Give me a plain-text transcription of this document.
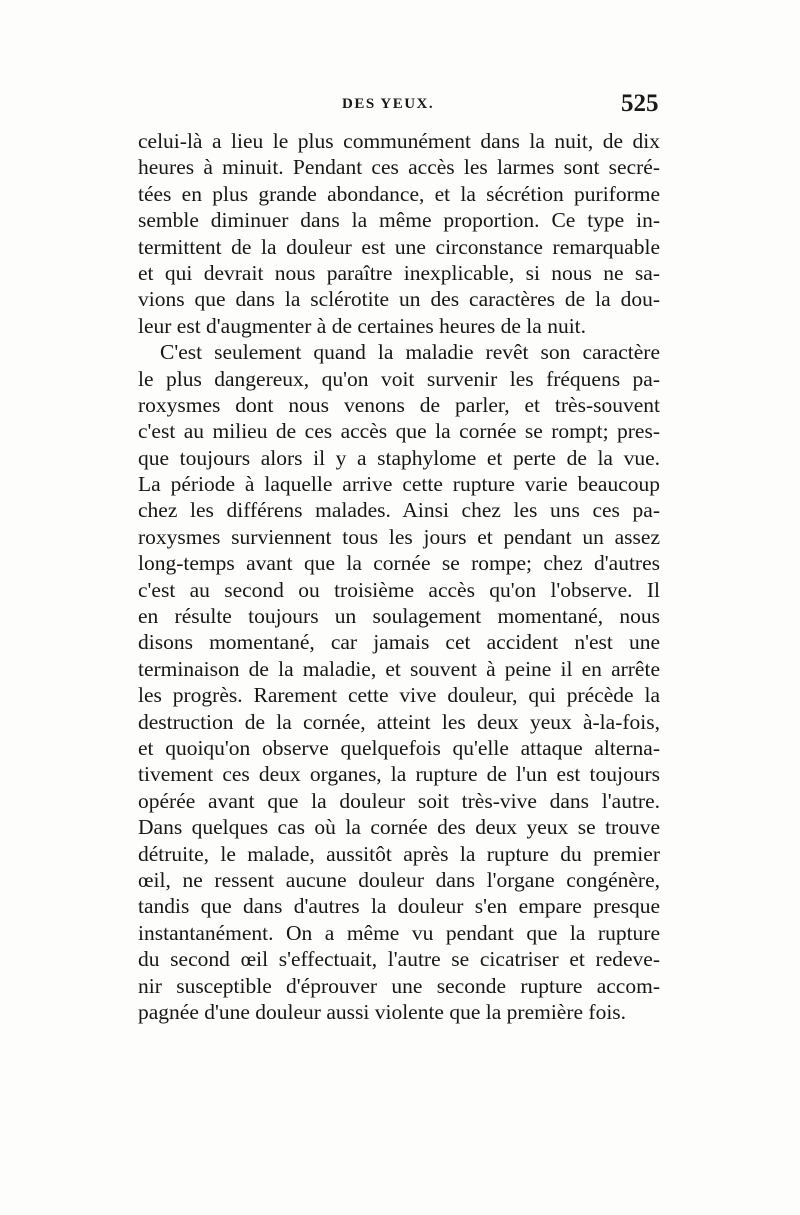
DES YEUX.	525
celui-là a lieu le plus communément dans la nuit, de dix
heures à minuit. Pendant ces accès les larmes sont secré-
tées en plus grande abondance, et la sécrétion puriforme
semble diminuer dans la même proportion. Ce type in-
termittent de la douleur est une circonstance remarquable
et qui devrait nous paraître inexplicable, si nous ne sa-
vions que dans la sclérotite un des caractères de la dou-
leur est d'augmenter à de certaines heures de la nuit.
C'est seulement quand la maladie revêt son caractère
le plus dangereux, qu'on voit survenir les fréquens pa-
roxysmes dont nous venons de parler, et très-souvent
c'est au milieu de ces accès que la cornée se rompt; pres-
que toujours alors il y a staphylome et perte de la vue.
La période à laquelle arrive cette rupture varie beaucoup
chez les différens malades. Ainsi chez les uns ces pa-
roxysmes surviennent tous les jours et pendant un assez
long-temps avant que la cornée se rompe; chez d'autres
c'est au second ou troisième accès qu'on l'observe. Il
en résulte toujours un soulagement momentané, nous
disons momentané, car jamais cet accident n'est une
terminaison de la maladie, et souvent à peine il en arrête
les progrès. Rarement cette vive douleur, qui précède la
destruction de la cornée, atteint les deux yeux à-la-fois,
et quoiqu'on observe quelquefois qu'elle attaque alterna-
tivement ces deux organes, la rupture de l'un est toujours
opérée avant que la douleur soit très-vive dans l'autre.
Dans quelques cas où la cornée des deux yeux se trouve
détruite, le malade, aussitôt après la rupture du premier
œil, ne ressent aucune douleur dans l'organe congénère,
tandis que dans d'autres la douleur s'en empare presque
instantanément. On a même vu pendant que la rupture
du second œil s'effectuait, l'autre se cicatriser et redeve-
nir susceptible d'éprouver une seconde rupture accom-
pagnée d'une douleur aussi violente que la première fois.
